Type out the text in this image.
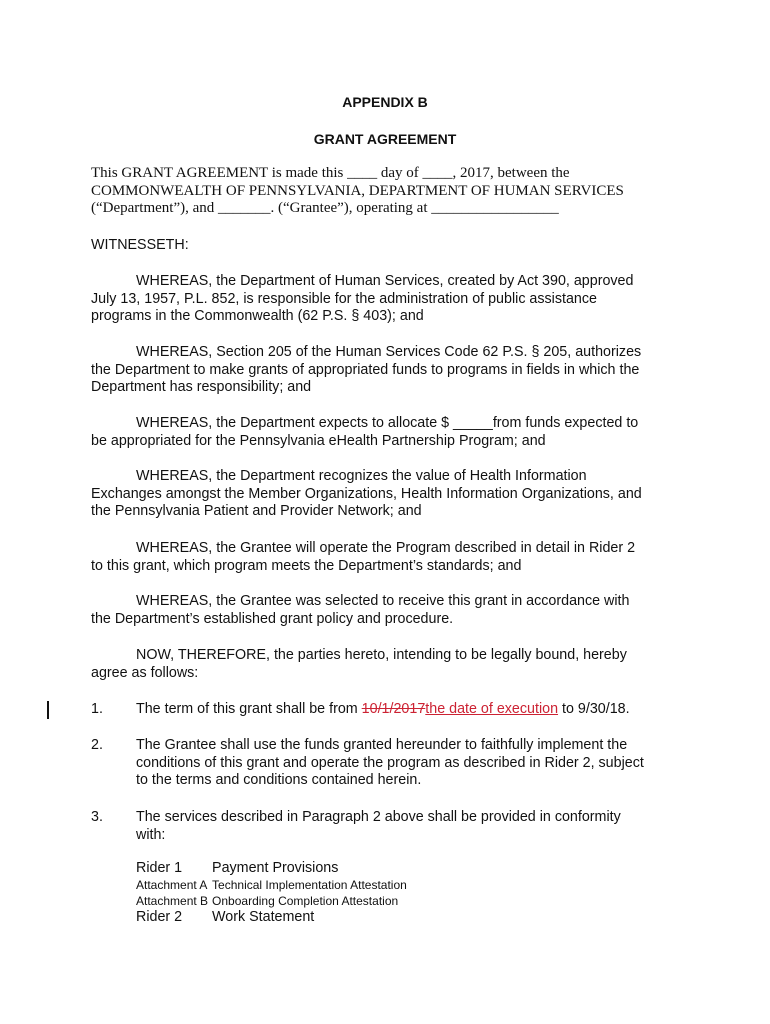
APPENDIX B
GRANT AGREEMENT
This GRANT AGREEMENT is made this ____ day of ____, 2017, between the
COMMONWEALTH OF PENNSYLVANIA, DEPARTMENT OF HUMAN SERVICES
(“Department”), and _______. (“Grantee”), operating at _________________
WITNESSETH:
WHEREAS, the Department of Human Services, created by Act 390, approved
July 13, 1957, P.L. 852, is responsible for the administration of public assistance
programs in the Commonwealth (62 P.S. § 403); and
WHEREAS, Section 205 of the Human Services Code 62 P.S. § 205, authorizes
the Department to make grants of appropriated funds to programs in fields in which the
Department has responsibility; and
WHEREAS, the Department expects to allocate $ _____from funds expected to
be appropriated for the Pennsylvania eHealth Partnership Program; and
WHEREAS, the Department recognizes the value of Health Information
Exchanges amongst the Member Organizations, Health Information Organizations, and
the Pennsylvania Patient and Provider Network; and
WHEREAS, the Grantee will operate the Program described in detail in Rider 2
to this grant, which program meets the Department’s standards; and
WHEREAS, the Grantee was selected to receive this grant in accordance with
the Department’s established grant policy and procedure.
NOW, THEREFORE, the parties hereto, intending to be legally bound, hereby
agree as follows:
1. The term of this grant shall be from 10/1/2017the date of execution to 9/30/18.
2. The Grantee shall use the funds granted hereunder to faithfully implement the
conditions of this grant and operate the program as described in Rider 2, subject
to the terms and conditions contained herein.
3. The services described in Paragraph 2 above shall be provided in conformity
with:
Rider 1	Payment Provisions
Attachment A	Technical Implementation Attestation
Attachment B	Onboarding Completion Attestation
Rider 2	Work Statement
